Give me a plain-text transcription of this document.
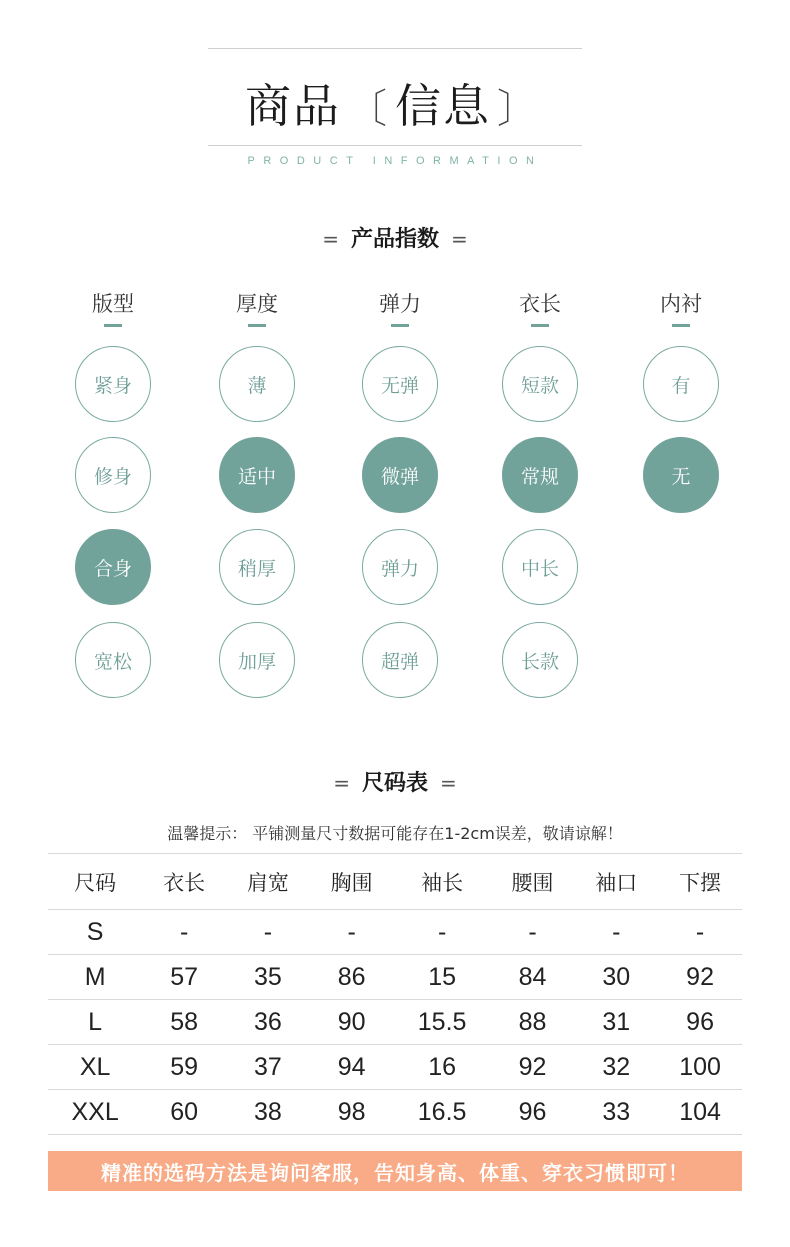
商品 〔 信息 〕
PRODUCT INFORMATION
= 产品指数 =
版型
紧身
修身
合身
宽松
厚度
薄
适中
稍厚
加厚
弹力
无弹
微弹
弹力
超弹
衣长
短款
常规
中长
长款
内衬
有
无
= 尺码表 =
温馨提示： 平铺测量尺寸数据可能存在1-2cm误差，敬请谅解！
尺码	衣长	肩宽	胸围	袖长	腰围	袖口	下摆
S	-	-	-	-	-	-	-
M	57	35	86	15	84	30	92
L	58	36	90	15.5	88	31	96
XL	59	37	94	16	92	32	100
XXL	60	38	98	16.5	96	33	104
精准的选码方法是询问客服，告知身高、体重、穿衣习惯即可！
